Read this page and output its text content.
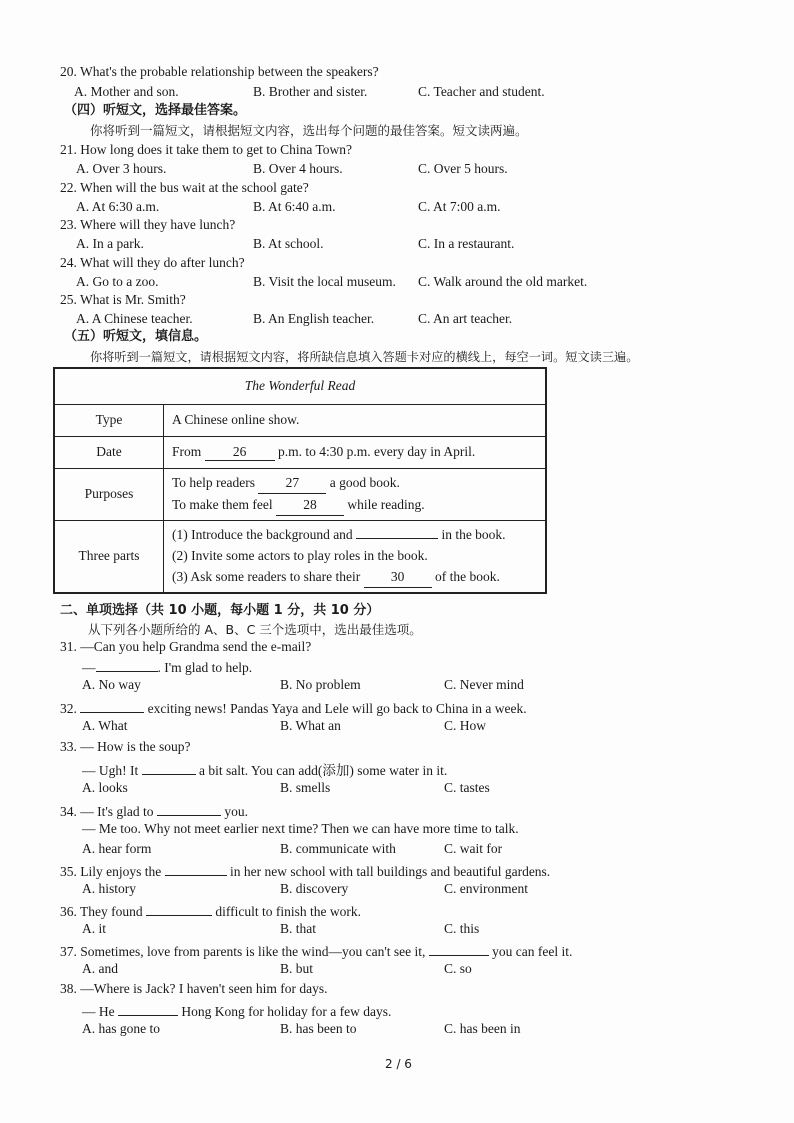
20. What's the probable relationship between the speakers?
A. Mother and son.	B. Brother and sister.	C. Teacher and student.
（四）听短文，选择最佳答案。
你将听到一篇短文，请根据短文内容，选出每个问题的最佳答案。短文读两遍。
21. How long does it take them to get to China Town?
A. Over 3 hours.	B. Over 4 hours.	C. Over 5 hours.
22. When will the bus wait at the school gate?
A. At 6:30 a.m.	B. At 6:40 a.m.	C. At 7:00 a.m.
23. Where will they have lunch?
A. In a park.	B. At school.	C. In a restaurant.
24. What will they do after lunch?
A. Go to a zoo.	B. Visit the local museum. C. Walk around the old market.
25. What is Mr. Smith?
A. A Chinese teacher.	B. An English teacher.	C. An art teacher.
（五）听短文，填信息。
你将听到一篇短文，请根据短文内容，将所缺信息填入答题卡对应的横线上，每空一词。短文读三遍。
The Wonderful Read	
Type	A Chinese online show.
Date	From 26 p.m. to 4:30 p.m. every day in April.
Purposes	To help readers 27 a good book.
To make them feel 28 while reading.

Three parts	(1) Introduce the background and in the book.
(2) Invite some actors to play roles in the book.
(3) Ask some readers to share their 30 of the book.
二、单项选择（共 10 小题，每小题 1 分，共 10 分）
从下列各小题所给的 A、B、C 三个选项中，选出最佳选项。
31. —Can you help Grandma send the e-mail?
—	. I'm glad to help.
A. No way	B. No problem	C. Never mind
32.	exciting news! Pandas Yaya and Lele will go back to China in a week.
A. What	B. What an	C. How
33. — How is the soup?
— Ugh! It	a bit salt. You can add(添加) some water in it.
A. looks	B. smells	C. tastes
34. — It's glad to	you.
— Me too. Why not meet earlier next time? Then we can have more time to talk.
A. hear form	B. communicate with	C. wait for
35. Lily enjoys the	in her new school with tall buildings and beautiful gardens.
A. history	B. discovery	C. environment
36. They found	difficult to finish the work.
A. it	B. that	C. this
37. Sometimes, love from parents is like the wind—you can't see it,	you can feel it.
A. and	B. but	C. so
38. —Where is Jack? I haven't seen him for days.
— He	Hong Kong for holiday for a few days.
A. has gone to	B. has been to	C. has been in
2 / 6
